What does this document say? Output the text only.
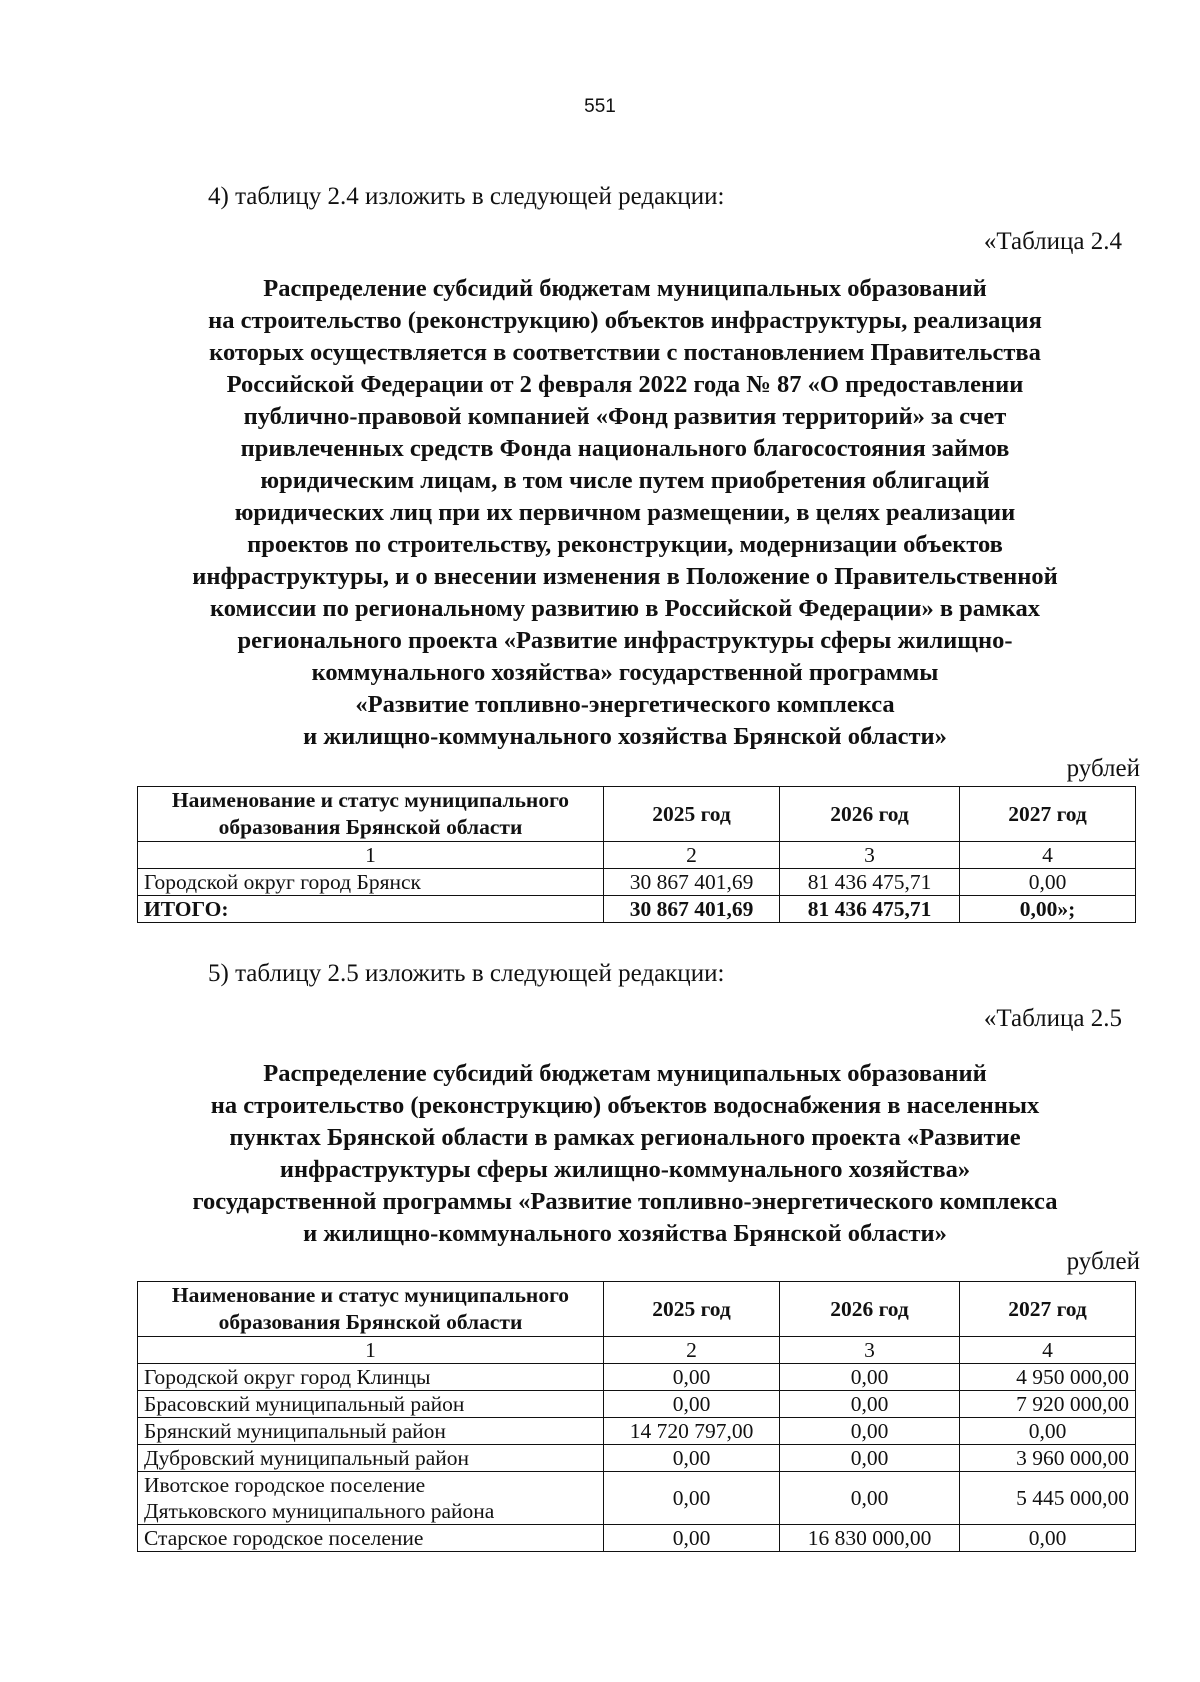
551
4) таблицу 2.4 изложить в следующей редакции:
«Таблица 2.4
Распределение субсидий бюджетам муниципальных образований
на строительство (реконструкцию) объектов инфраструктуры, реализация
которых осуществляется в соответствии с постановлением Правительства
Российской Федерации от 2 февраля 2022 года № 87 «О предоставлении
публично-правовой компанией «Фонд развития территорий» за счет
привлеченных средств Фонда национального благосостояния займов
юридическим лицам, в том числе путем приобретения облигаций
юридических лиц при их первичном размещении, в целях реализации
проектов по строительству, реконструкции, модернизации объектов
инфраструктуры, и о внесении изменения в Положение о Правительственной
комиссии по региональному развитию в Российской Федерации» в рамках
регионального проекта «Развитие инфраструктуры сферы жилищно-
коммунального хозяйства» государственной программы
«Развитие топливно-энергетического комплекса
и жилищно-коммунального хозяйства Брянской области»
рублей
Наименование и статус муниципального
образования Брянской области	2025 год	2026 год	2027 год
1	2	3	4
Городской округ город Брянск	30 867 401,69	81 436 475,71	0,00
ИТОГО:	30 867 401,69	81 436 475,71	0,00»;
5) таблицу 2.5 изложить в следующей редакции:
«Таблица 2.5
Распределение субсидий бюджетам муниципальных образований
на строительство (реконструкцию) объектов водоснабжения в населенных
пунктах Брянской области в рамках регионального проекта «Развитие
инфраструктуры сферы жилищно-коммунального хозяйства»
государственной программы «Развитие топливно-энергетического комплекса
и жилищно-коммунального хозяйства Брянской области»
рублей
Наименование и статус муниципального
образования Брянской области	2025 год	2026 год	2027 год
1	2	3	4
Городской округ город Клинцы	0,00	0,00	4 950 000,00
Брасовский муниципальный район	0,00	0,00	7 920 000,00
Брянский муниципальный район	14 720 797,00	0,00	0,00
Дубровский муниципальный район	0,00	0,00	3 960 000,00

Ивотское городское поселение
Дятьковского муниципального района	0,00	0,00	5 445 000,00
Старское городское поселение	0,00	16 830 000,00	0,00
